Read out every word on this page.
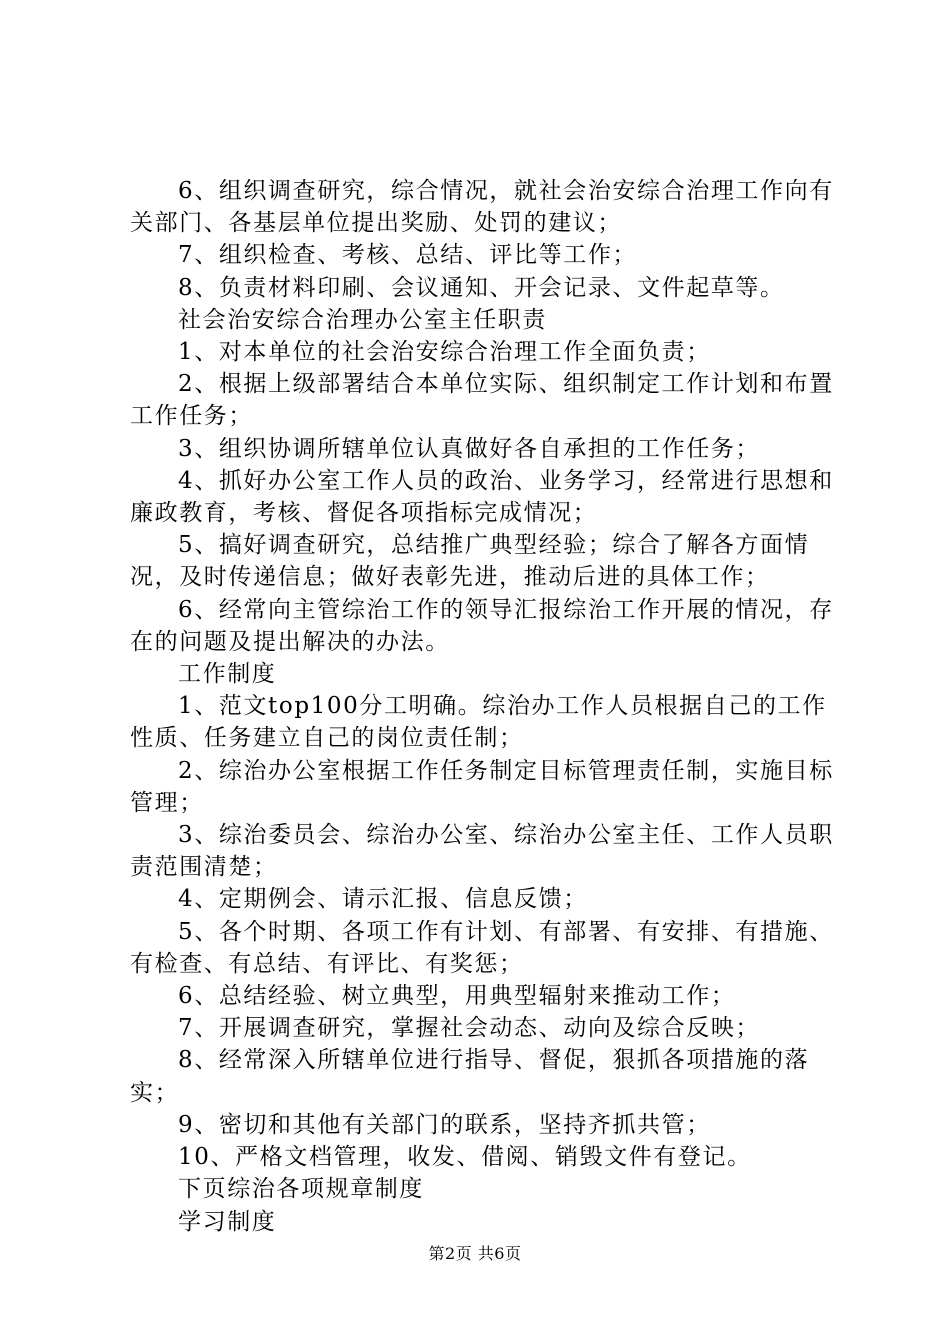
6、组织调查研究，综合情况，就社会治安综合治理工作向有关部门、各基层单位提出奖励、处罚的建议；

7、组织检查、考核、总结、评比等工作；

8、负责材料印刷、会议通知、开会记录、文件起草等。

社会治安综合治理办公室主任职责

1、对本单位的社会治安综合治理工作全面负责；

2、根据上级部署结合本单位实际、组织制定工作计划和布置工作任务；

3、组织协调所辖单位认真做好各自承担的工作任务；

4、抓好办公室工作人员的政治、业务学习，经常进行思想和廉政教育，考核、督促各项指标完成情况；

5、搞好调查研究，总结推广典型经验；综合了解各方面情况，及时传递信息；做好表彰先进，推动后进的具体工作；

6、经常向主管综治工作的领导汇报综治工作开展的情况，存在的问题及提出解决的办法。

工作制度

1、范文top100分工明确。综治办工作人员根据自己的工作性质、任务建立自己的岗位责任制；

2、综治办公室根据工作任务制定目标管理责任制，实施目标管理；

3、综治委员会、综治办公室、综治办公室主任、工作人员职责范围清楚；

4、定期例会、请示汇报、信息反馈；

5、各个时期、各项工作有计划、有部署、有安排、有措施、有检查、有总结、有评比、有奖惩；

6、总结经验、树立典型，用典型辐射来推动工作；

7、开展调查研究，掌握社会动态、动向及综合反映；

8、经常深入所辖单位进行指导、督促，狠抓各项措施的落实；

9、密切和其他有关部门的联系，坚持齐抓共管；

10、严格文档管理，收发、借阅、销毁文件有登记。

下页综治各项规章制度

学习制度

第2页 共6页
